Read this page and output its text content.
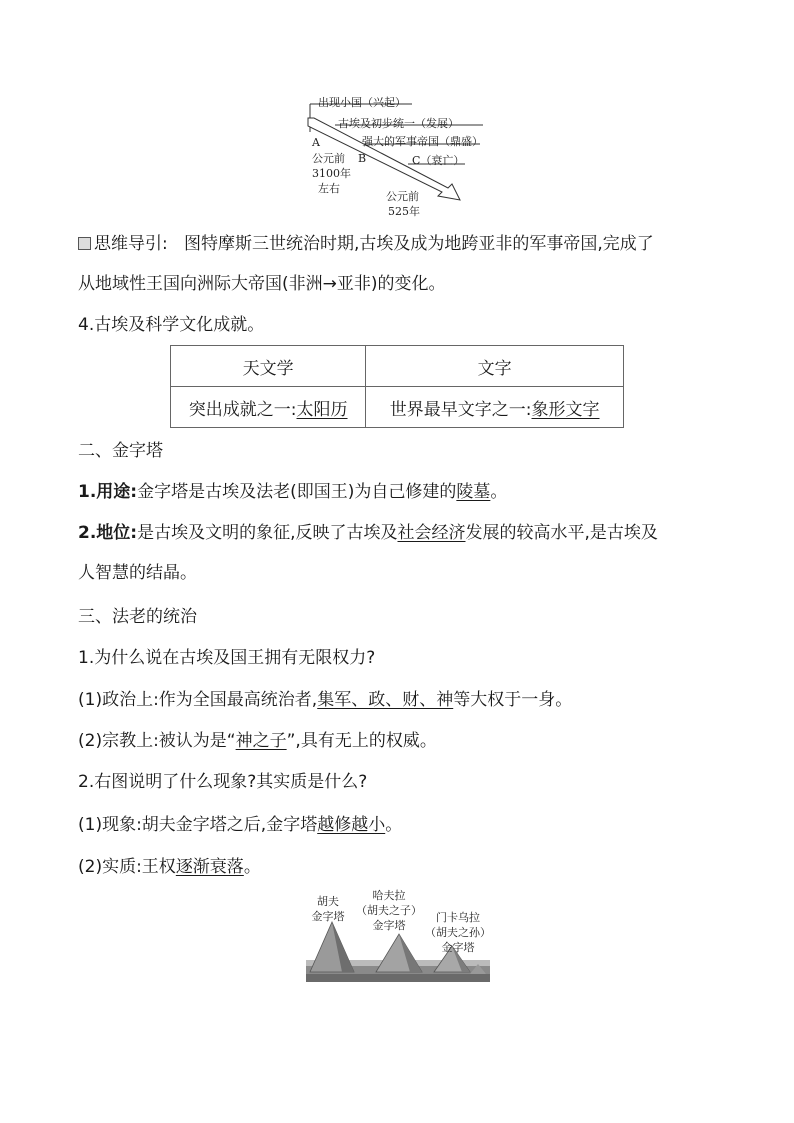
出现小国（兴起）
古埃及初步统一（发展）
强大的军事帝国（鼎盛）
C（衰亡）
A
B
公元前
3100年
左右
公元前
525年
思维导引: 图特摩斯三世统治时期,古埃及成为地跨亚非的军事帝国,完成了
从地域性王国向洲际大帝国(非洲→亚非)的变化。
4.古埃及科学文化成就。
天文学	文字
突出成就之一:太阳历	世界最早文字之一:象形文字
二、金字塔
1.用途:金字塔是古埃及法老(即国王)为自己修建的陵墓。
2.地位:是古埃及文明的象征,反映了古埃及社会经济发展的较高水平,是古埃及
人智慧的结晶。
三、法老的统治
1.为什么说在古埃及国王拥有无限权力?
(1)政治上:作为全国最高统治者,集军、政、财、神等大权于一身。
(2)宗教上:被认为是“神之子”,具有无上的权威。
2.右图说明了什么现象?其实质是什么?
(1)现象:胡夫金字塔之后,金字塔越修越小。
(2)实质:王权逐渐衰落。
胡夫
金字塔
哈夫拉
（胡夫之子）
金字塔
门卡乌拉
（胡夫之孙）
金字塔
